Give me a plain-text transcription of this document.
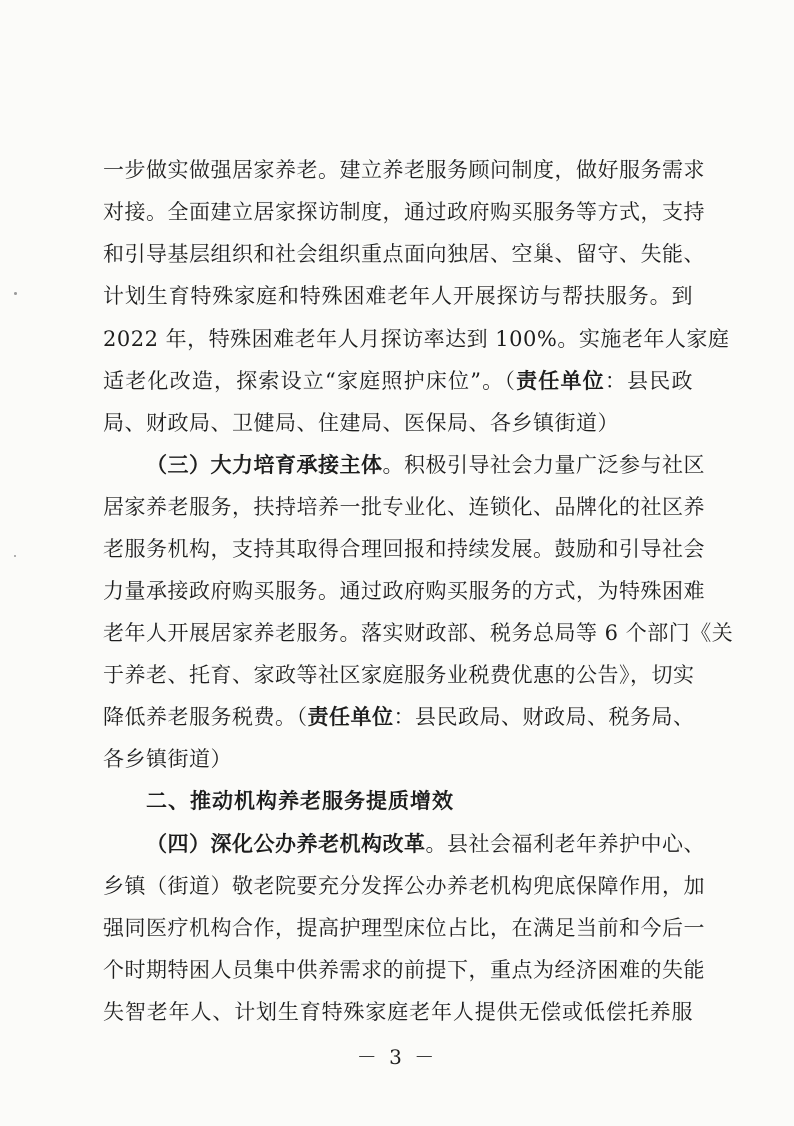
一步做实做强居家养老。建立养老服务顾问制度，做好服务需求
对接。全面建立居家探访制度，通过政府购买服务等方式，支持
和引导基层组织和社会组织重点面向独居、空巢、留守、失能、
计划生育特殊家庭和特殊困难老年人开展探访与帮扶服务。到
2022 年，特殊困难老年人月探访率达到 100%。实施老年人家庭
适老化改造，探索设立“家庭照护床位”。（责任单位：县民政
局、财政局、卫健局、住建局、医保局、各乡镇街道）
（三）大力培育承接主体。积极引导社会力量广泛参与社区
居家养老服务，扶持培养一批专业化、连锁化、品牌化的社区养
老服务机构，支持其取得合理回报和持续发展。鼓励和引导社会
力量承接政府购买服务。通过政府购买服务的方式，为特殊困难
老年人开展居家养老服务。落实财政部、税务总局等 6 个部门《关
于养老、托育、家政等社区家庭服务业税费优惠的公告》，切实
降低养老服务税费。（责任单位：县民政局、财政局、税务局、
各乡镇街道）
二、推动机构养老服务提质增效
（四）深化公办养老机构改革。县社会福利老年养护中心、
乡镇（街道）敬老院要充分发挥公办养老机构兜底保障作用，加
强同医疗机构合作，提高护理型床位占比，在满足当前和今后一
个时期特困人员集中供养需求的前提下，重点为经济困难的失能
失智老年人、计划生育特殊家庭老年人提供无偿或低偿托养服
－ 3 －
